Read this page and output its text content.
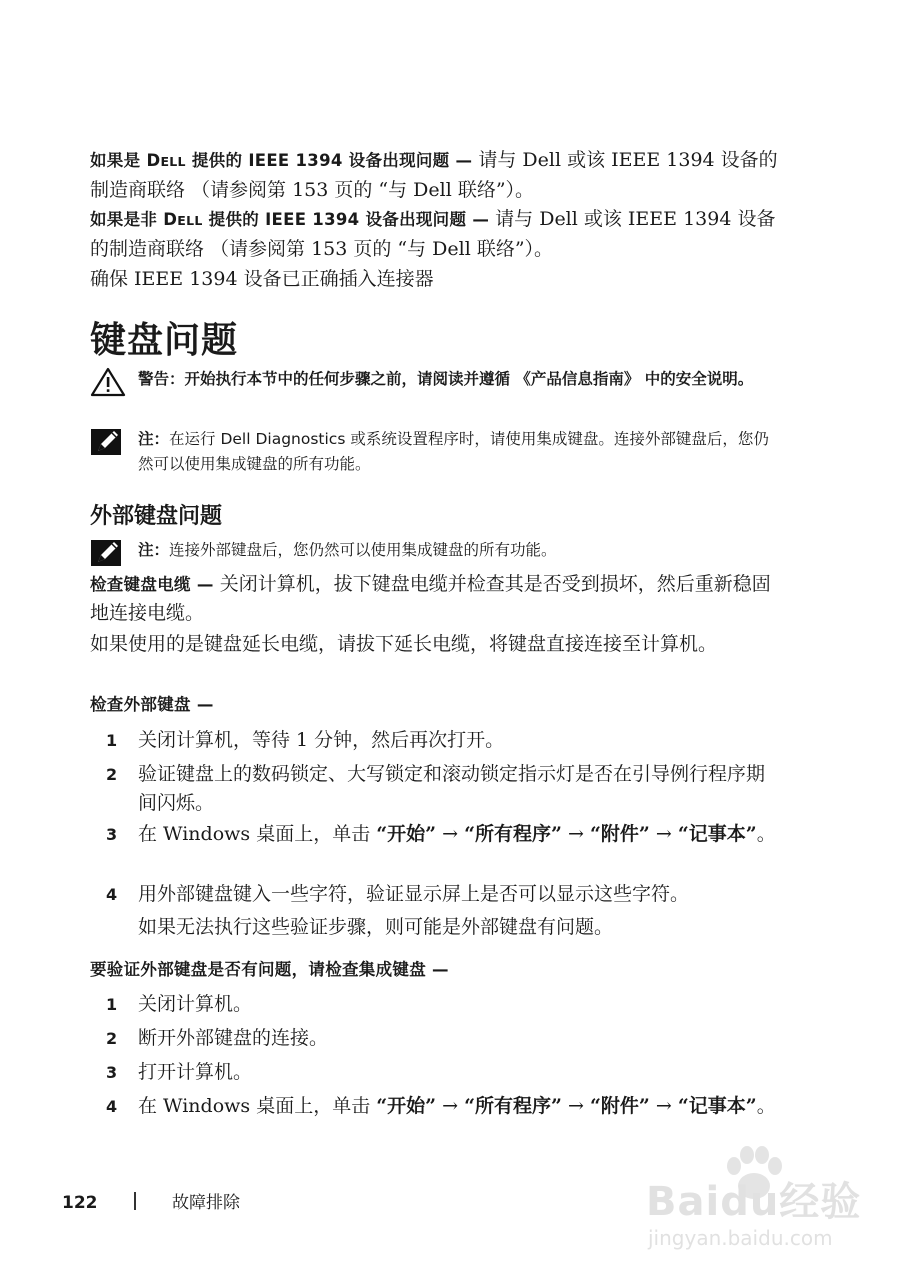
如果是 DELL 提供的 IEEE 1394 设备出现问题 — 请与 Dell 或该 IEEE 1394 设备的制造商联络 （请参阅第 153 页的 “与 Dell 联络”）。

如果是非 DELL 提供的 IEEE 1394 设备出现问题 — 请与 Dell 或该 IEEE 1394 设备的制造商联络 （请参阅第 153 页的 “与 Dell 联络”）。

确保 IEEE 1394 设备已正确插入连接器

键盘问题
警告：开始执行本节中的任何步骤之前，请阅读并遵循 《产品信息指南》 中的安全说明。
注：在运行 Dell Diagnostics 或系统设置程序时，请使用集成键盘。连接外部键盘后，您仍然可以使用集成键盘的所有功能。
外部键盘问题
注：连接外部键盘后，您仍然可以使用集成键盘的所有功能。

检查键盘电缆 — 关闭计算机，拔下键盘电缆并检查其是否受到损坏，然后重新稳固地连接电缆。

如果使用的是键盘延长电缆，请拔下延长电缆，将键盘直接连接至计算机。

检查外部键盘 —

1	关闭计算机，等待 1 分钟，然后再次打开。
2	验证键盘上的数码锁定、大写锁定和滚动锁定指示灯是否在引导例行程序期间闪烁。
3	在 Windows 桌面上，单击 “开始” → “所有程序” → “附件” → “记事本”。
4	用外部键盘键入一些字符，验证显示屏上是否可以显示这些字符。

如果无法执行这些验证步骤，则可能是外部键盘有问题。

要验证外部键盘是否有问题，请检查集成键盘 —

1	关闭计算机。
2	断开外部键盘的连接。
3	打开计算机。
4	在 Windows 桌面上，单击 “开始” → “所有程序” → “附件” → “记事本”。
122	故障排除	Baidu经验
jingyan.baidu.com
